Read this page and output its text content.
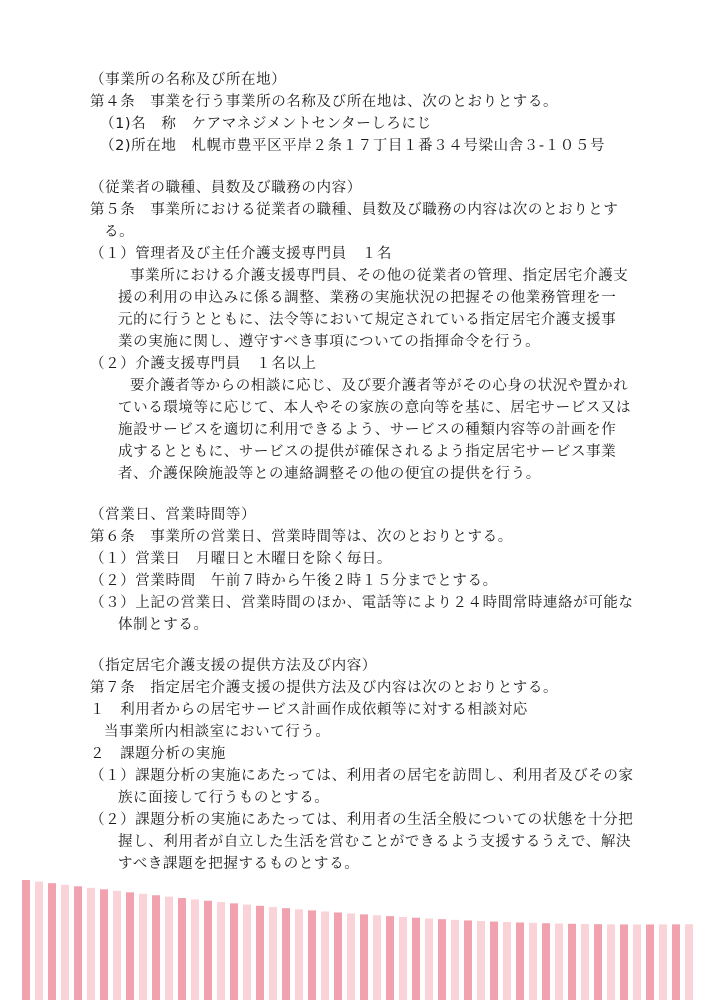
（事業所の名称及び所在地）
第４条　事業を行う事業所の名称及び所在地は、次のとおりとする。
（1)名　称　ケアマネジメントセンターしろにじ
（2)所在地　札幌市豊平区平岸２条１７丁目１番３４号梁山舎３-１０５号
（従業者の職種、員数及び職務の内容）
第５条　事業所における従業者の職種、員数及び職務の内容は次のとおりとす
る。
（１）管理者及び主任介護支援専門員　１名
事業所における介護支援専門員、その他の従業者の管理、指定居宅介護支
援の利用の申込みに係る調整、業務の実施状況の把握その他業務管理を一
元的に行うとともに、法令等において規定されている指定居宅介護支援事
業の実施に関し、遵守すべき事項についての指揮命令を行う。
（２）介護支援専門員　１名以上
要介護者等からの相談に応じ、及び要介護者等がその心身の状況や置かれ
ている環境等に応じて、本人やその家族の意向等を基に、居宅サービス又は
施設サービスを適切に利用できるよう、サービスの種類内容等の計画を作
成するとともに、サービスの提供が確保されるよう指定居宅サービス事業
者、介護保険施設等との連絡調整その他の便宜の提供を行う。
（営業日、営業時間等）
第６条　事業所の営業日、営業時間等は、次のとおりとする。
（１）営業日　月曜日と木曜日を除く毎日。
（２）営業時間　午前７時から午後２時１５分までとする。
（３）上記の営業日、営業時間のほか、電話等により２４時間常時連絡が可能な
体制とする。
（指定居宅介護支援の提供方法及び内容）
第７条　指定居宅介護支援の提供方法及び内容は次のとおりとする。
１　利用者からの居宅サービス計画作成依頼等に対する相談対応
当事業所内相談室において行う。
２　課題分析の実施
（１）課題分析の実施にあたっては、利用者の居宅を訪問し、利用者及びその家
族に面接して行うものとする。
（２）課題分析の実施にあたっては、利用者の生活全般についての状態を十分把
握し、利用者が自立した生活を営むことができるよう支援するうえで、解決
すべき課題を把握するものとする。
